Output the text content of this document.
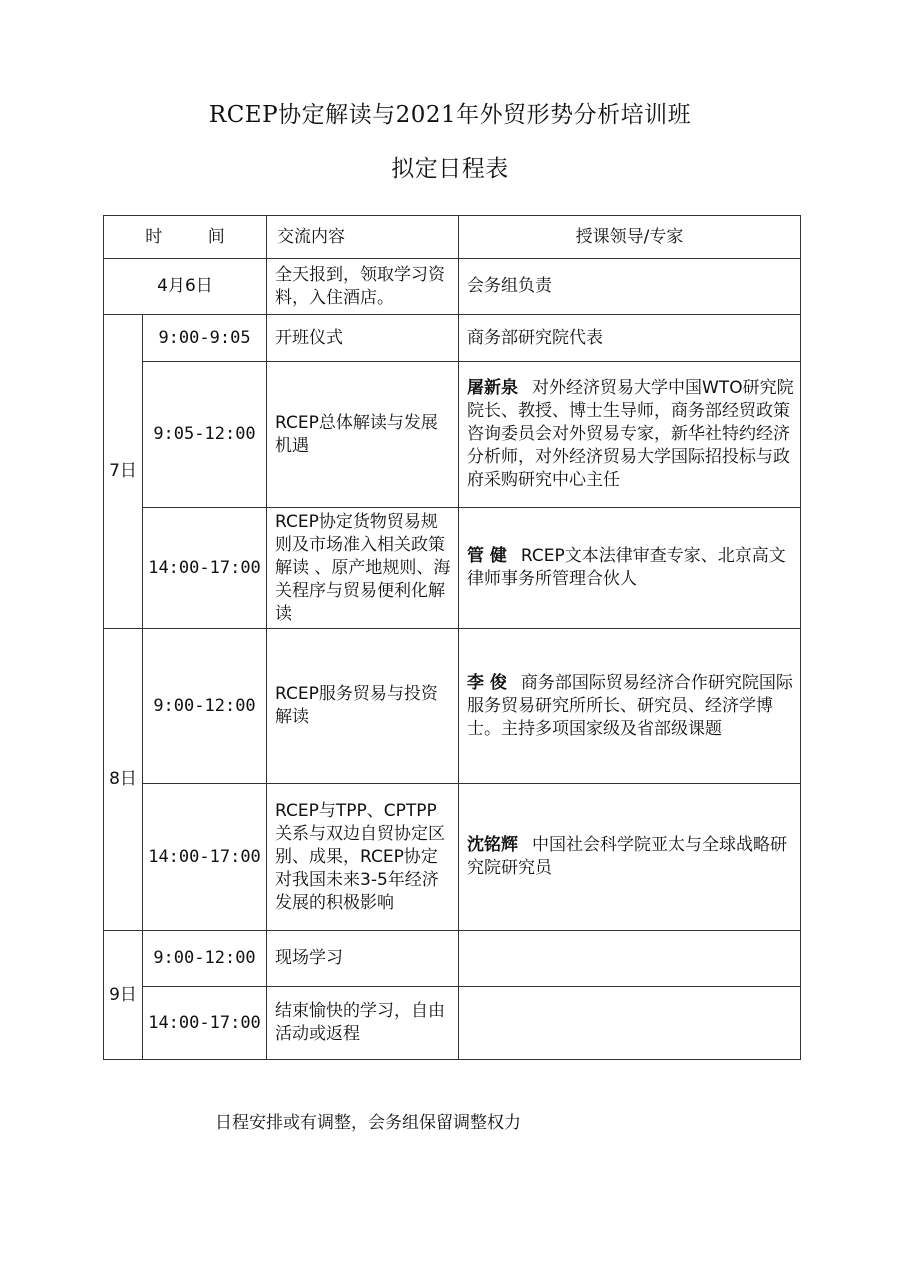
RCEP协定解读与2021年外贸形势分析培训班
拟定日程表
时 间		交流内容	授课领导/专家
4月6日		全天报到，领取学习资料，入住酒店。	会务组负责
7日	9:00-9:05	开班仪式	商务部研究院代表
	9:05-12:00	RCEP总体解读与发展机遇	屠新泉 对外经济贸易大学中国WTO研究院院长、教授、博士生导师，商务部经贸政策咨询委员会对外贸易专家，新华社特约经济分析师，对外经济贸易大学国际招投标与政府采购研究中心主任
	14:00-17:00	RCEP协定货物贸易规则及市场准入相关政策解读 、原产地规则、海关程序与贸易便利化解读	管 健 RCEP文本法律审查专家、北京高文律师事务所管理合伙人
8日	9:00-12:00	RCEP服务贸易与投资解读	李 俊 商务部国际贸易经济合作研究院国际服务贸易研究所所长、研究员、经济学博士。主持多项国家级及省部级课题
	14:00-17:00	RCEP与TPP、CPTPP关系与双边自贸协定区别、成果，RCEP协定对我国未来3-5年经济发展的积极影响	沈铭辉 中国社会科学院亚太与全球战略研究院研究员
9日	9:00-12:00	现场学习	
	14:00-17:00	结束愉快的学习，自由活动或返程	
日程安排或有调整，会务组保留调整权力
